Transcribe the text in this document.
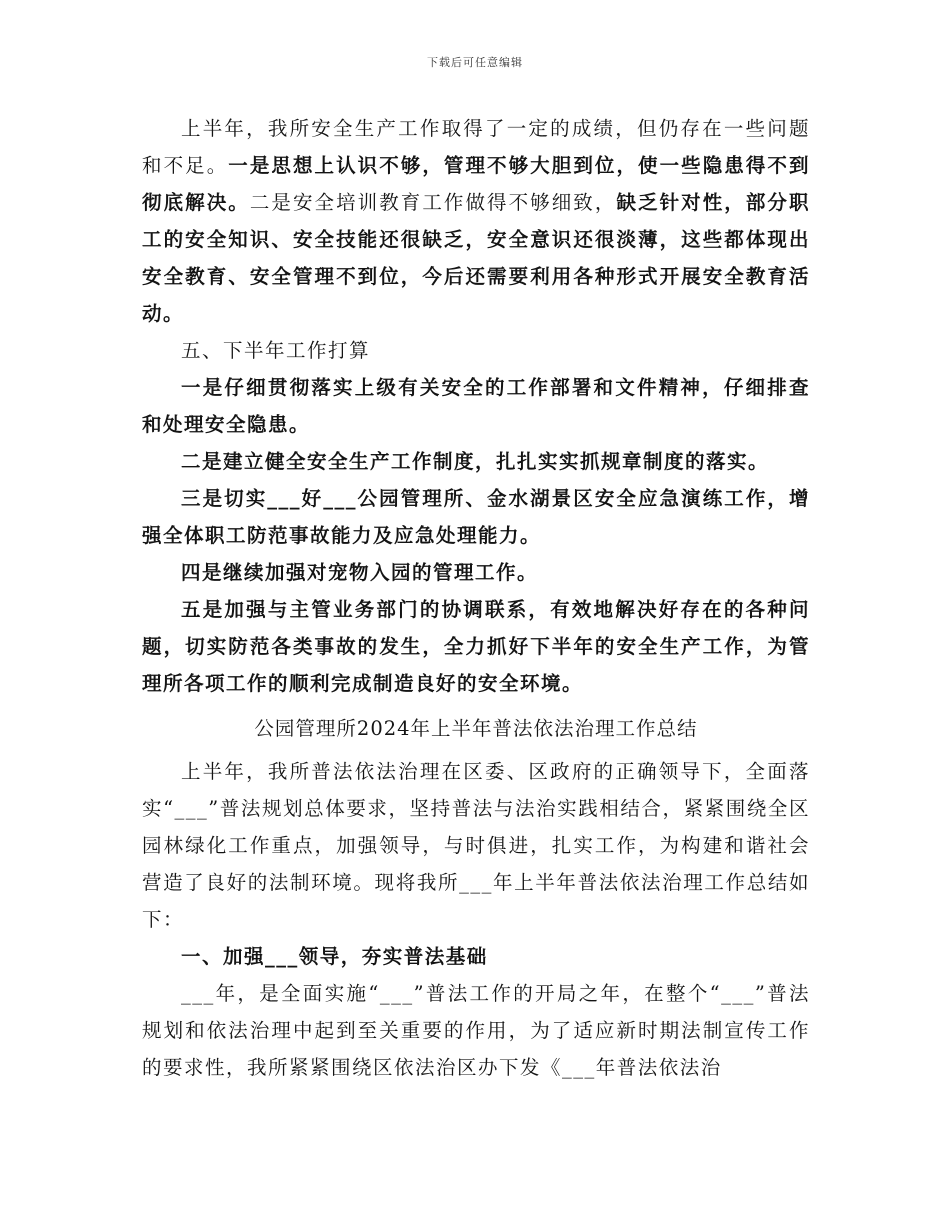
下载后可任意编辑

上半年，我所安全生产工作取得了一定的成绩，但仍存在一些问题和不足。一是思想上认识不够，管理不够大胆到位，使一些隐患得不到彻底解决。二是安全培训教育工作做得不够细致，缺乏针对性，部分职工的安全知识、安全技能还很缺乏，安全意识还很淡薄，这些都体现出安全教育、安全管理不到位，今后还需要利用各种形式开展安全教育活动。

五、下半年工作打算

一是仔细贯彻落实上级有关安全的工作部署和文件精神，仔细排查和处理安全隐患。

二是建立健全安全生产工作制度，扎扎实实抓规章制度的落实。

三是切实___好___公园管理所、金水湖景区安全应急演练工作，增强全体职工防范事故能力及应急处理能力。

四是继续加强对宠物入园的管理工作。

五是加强与主管业务部门的协调联系，有效地解决好存在的各种问题，切实防范各类事故的发生，全力抓好下半年的安全生产工作，为管理所各项工作的顺利完成制造良好的安全环境。

公园管理所2024年上半年普法依法治理工作总结

上半年，我所普法依法治理在区委、区政府的正确领导下，全面落实“___”普法规划总体要求，坚持普法与法治实践相结合，紧紧围绕全区园林绿化工作重点，加强领导，与时俱进，扎实工作，为构建和谐社会营造了良好的法制环境。现将我所___年上半年普法依法治理工作总结如下：

一、加强___领导，夯实普法基础

___年，是全面实施“___”普法工作的开局之年，在整个“___”普法规划和依法治理中起到至关重要的作用，为了适应新时期法制宣传工作的要求性，我所紧紧围绕区依法治区办下发《___年普法依法治
